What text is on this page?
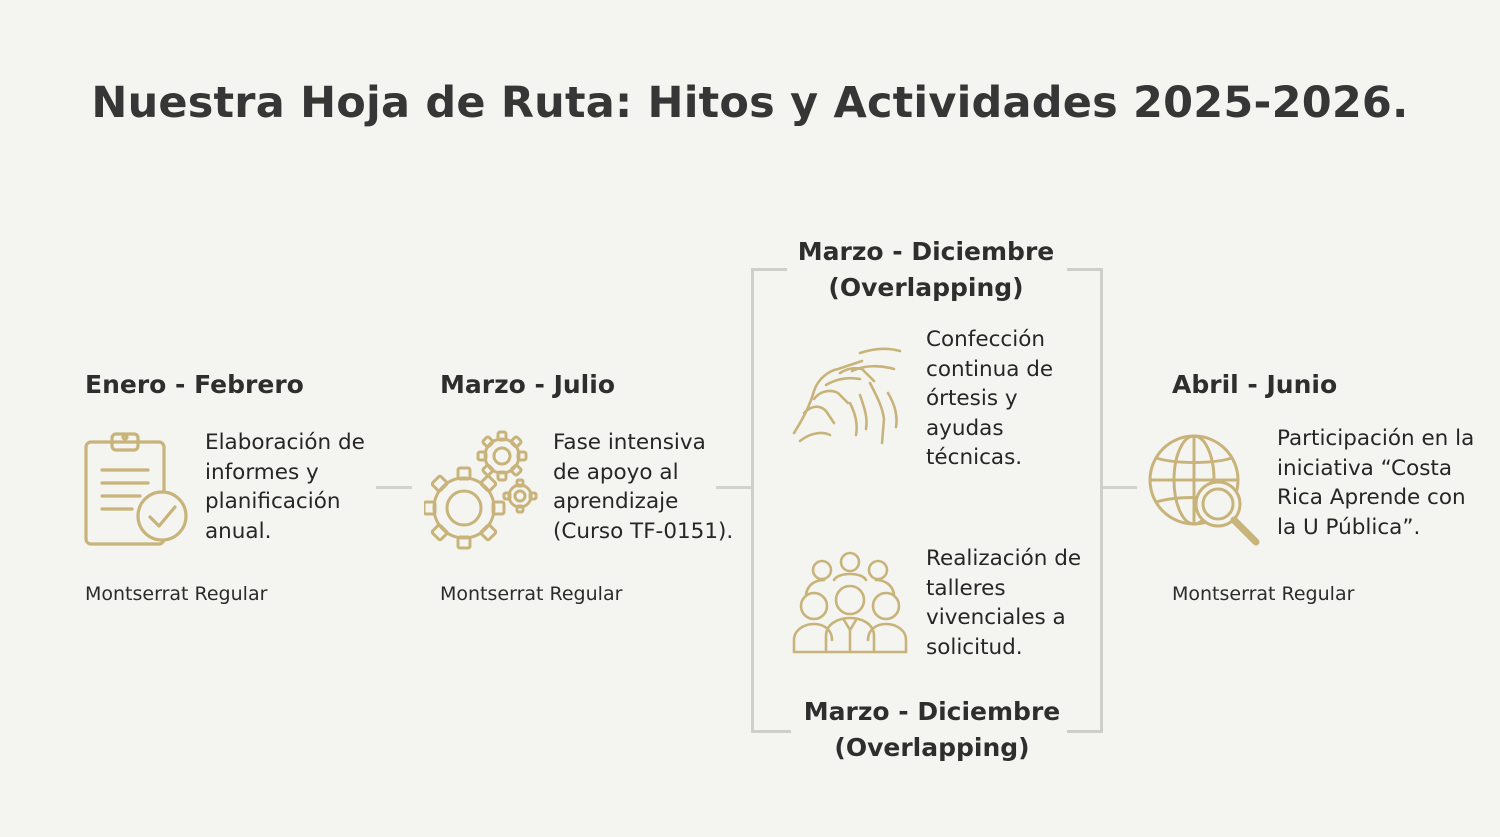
Nuestra Hoja de Ruta: Hitos y Actividades 2025-2026.
Enero - Febrero
Elaboración de informes y planificación anual.
Montserrat Regular
Marzo - Julio
Fase intensiva de apoyo al aprendizaje (Curso TF-0151).
Montserrat Regular
Marzo - Diciembre (Overlapping)
Marzo - Diciembre (Overlapping)
Confección continua de órtesis y ayudas técnicas.
Realización de talleres vivenciales a solicitud.
Abril - Junio
Participación en la iniciativa “Costa Rica Aprende con la U Pública”.
Montserrat Regular
